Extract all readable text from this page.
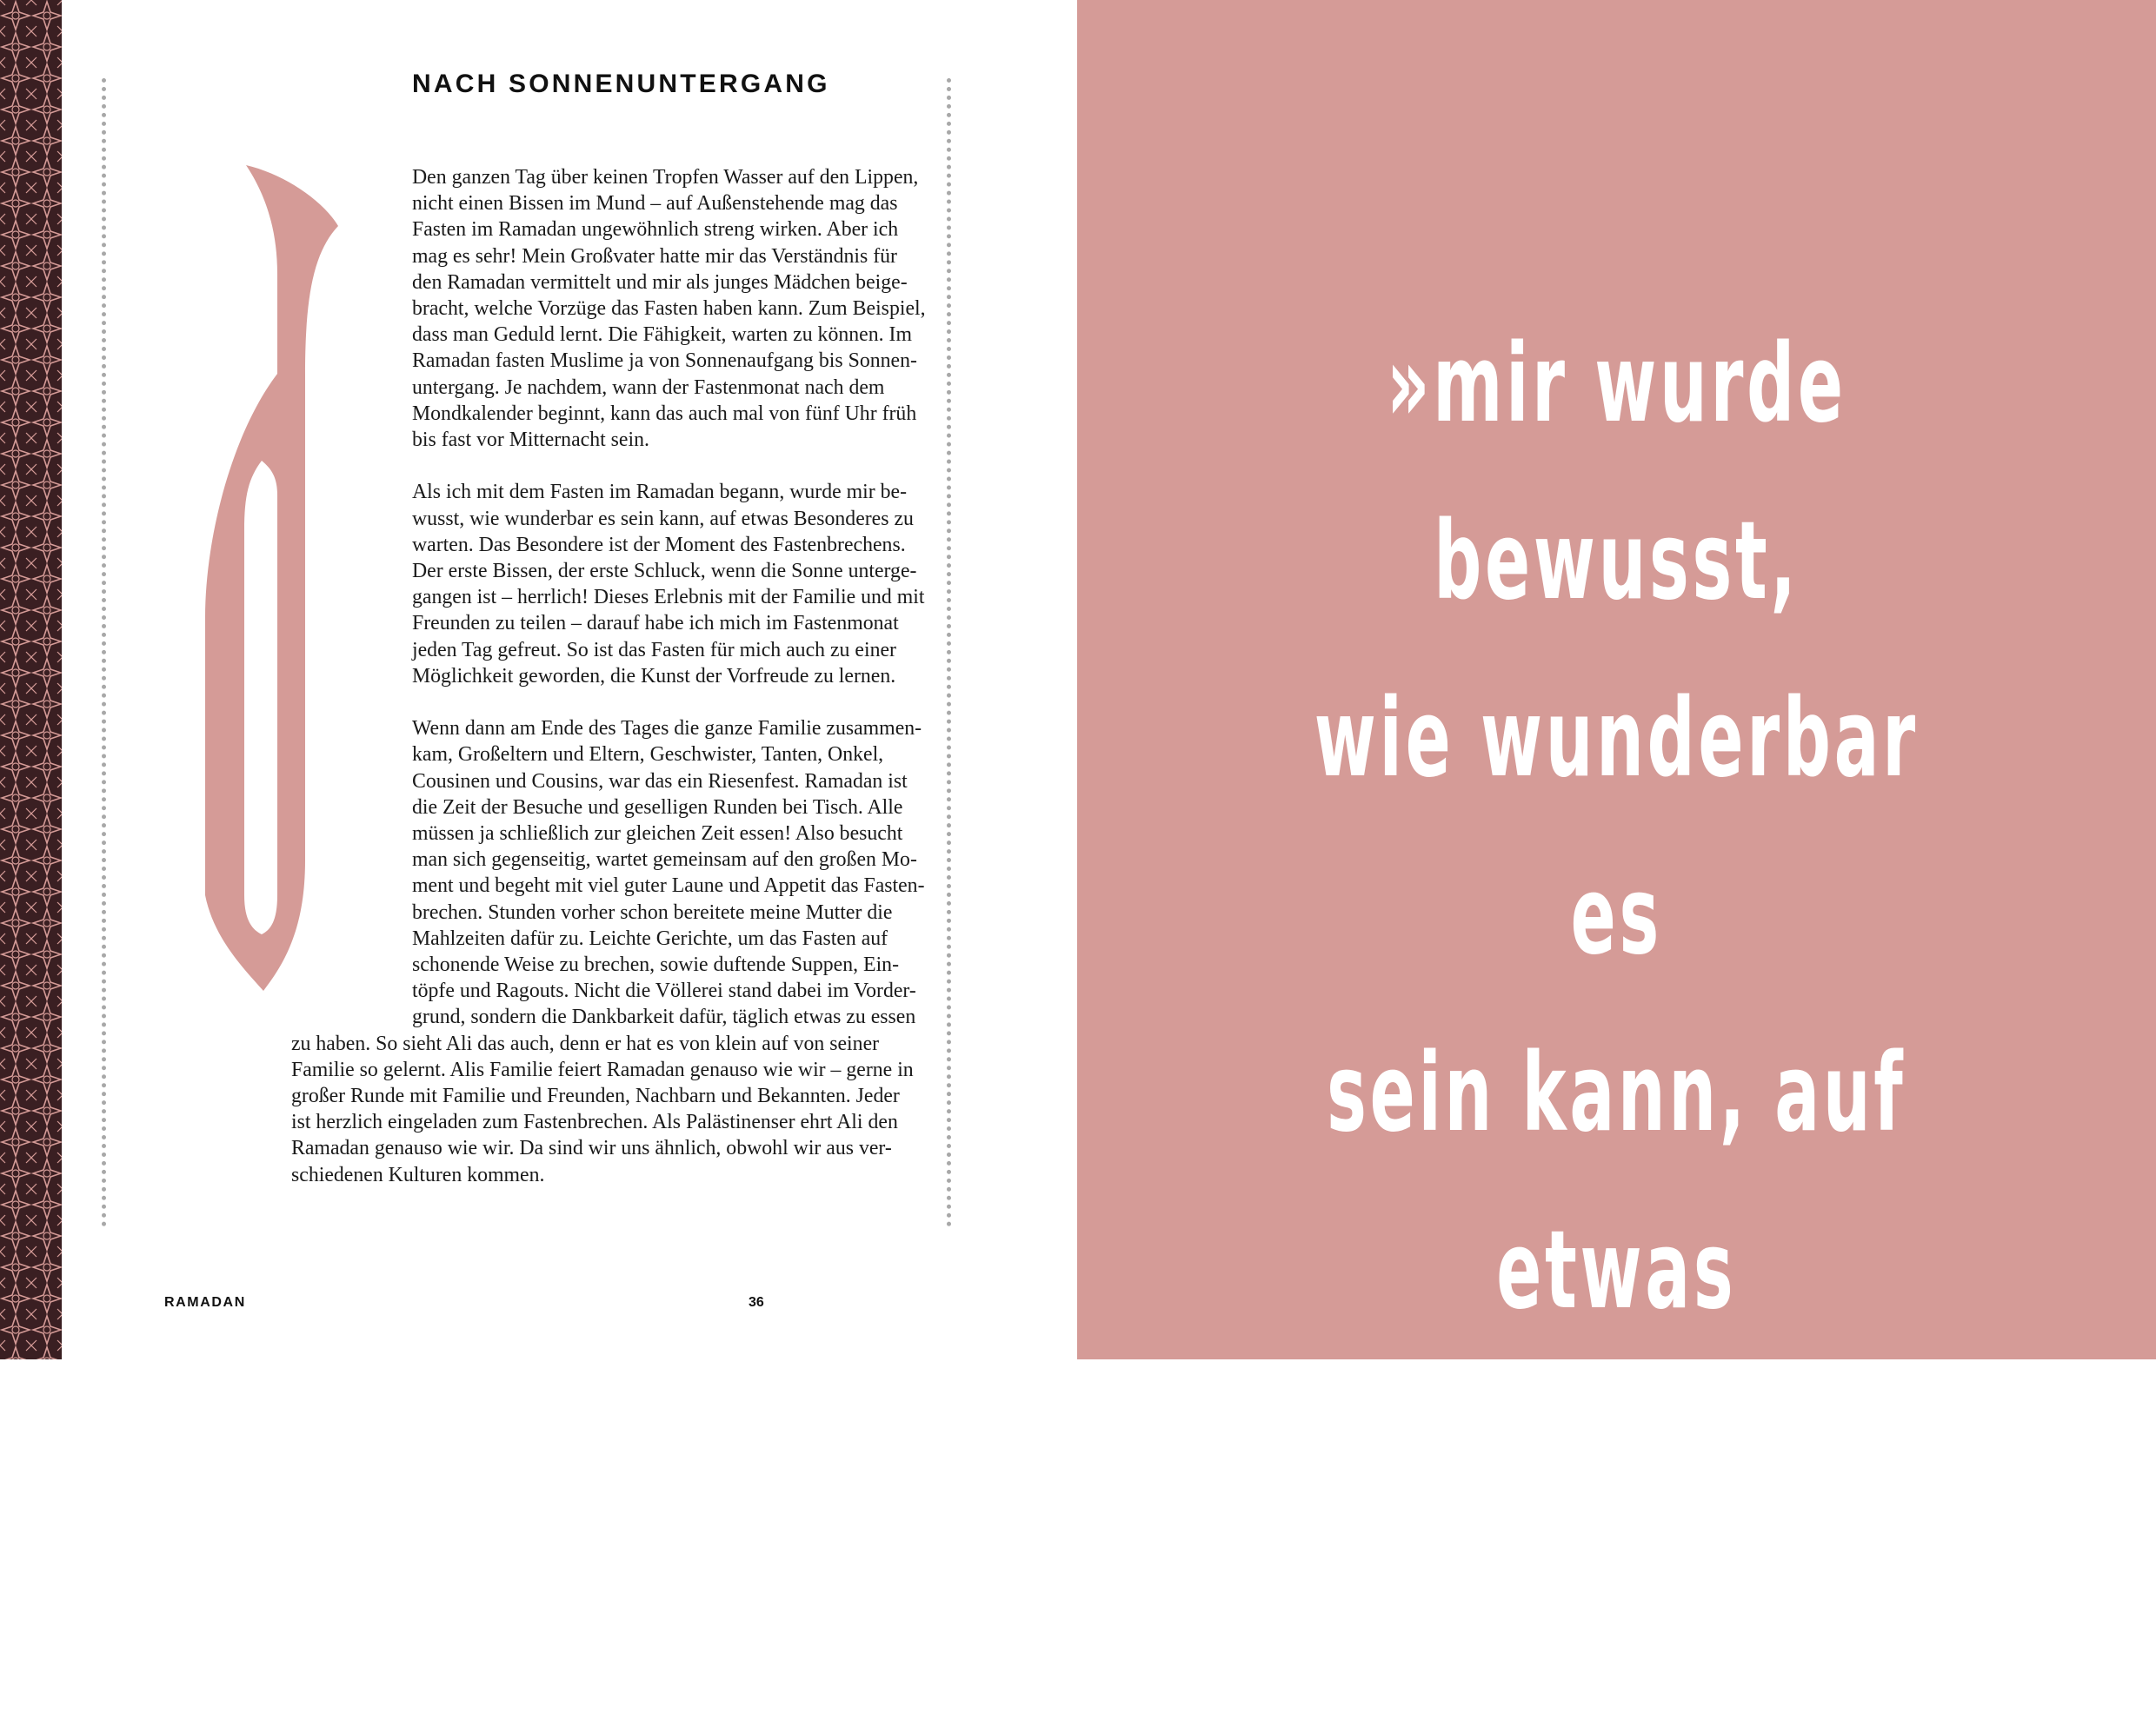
NACH SONNENUNTERGANG

Den ganzen Tag über keinen Tropfen Wasser auf den Lippen,
nicht einen Bissen im Mund – auf Außenstehende mag das
Fasten im Ramadan ungewöhnlich streng wirken. Aber ich
mag es sehr! Mein Großvater hatte mir das Verständnis für
den Ramadan vermittelt und mir als junges Mädchen beige-
bracht, welche Vorzüge das Fasten haben kann. Zum Beispiel,
dass man Geduld lernt. Die Fähigkeit, warten zu können. Im
Ramadan fasten Muslime ja von Sonnenaufgang bis Sonnen-
untergang. Je nachdem, wann der Fastenmonat nach dem
Mondkalender beginnt, kann das auch mal von fünf Uhr früh
bis fast vor Mitternacht sein.

Als ich mit dem Fasten im Ramadan begann, wurde mir be-
wusst, wie wunderbar es sein kann, auf etwas Besonderes zu
warten. Das Besondere ist der Moment des Fastenbrechens.
Der erste Bissen, der erste Schluck, wenn die Sonne unterge-
gangen ist – herrlich! Dieses Erlebnis mit der Familie und mit
Freunden zu teilen – darauf habe ich mich im Fastenmonat
jeden Tag gefreut. So ist das Fasten für mich auch zu einer
Möglichkeit geworden, die Kunst der Vorfreude zu lernen.

Wenn dann am Ende des Tages die ganze Familie zusammen-
kam, Großeltern und Eltern, Geschwister, Tanten, Onkel,
Cousinen und Cousins, war das ein Riesenfest. Ramadan ist
die Zeit der Besuche und geselligen Runden bei Tisch. Alle
müssen ja schließlich zur gleichen Zeit essen! Also besucht
man sich gegenseitig, wartet gemeinsam auf den großen Mo-
ment und begeht mit viel guter Laune und Appetit das Fasten-
brechen. Stunden vorher schon bereitete meine Mutter die
Mahlzeiten dafür zu. Leichte Gerichte, um das Fasten auf
schonende Weise zu brechen, sowie duftende Suppen, Ein-
töpfe und Ragouts. Nicht die Völlerei stand dabei im Vorder-
grund, sondern die Dankbarkeit dafür, täglich etwas zu essen
zu haben. So sieht Ali das auch, denn er hat es von klein auf von seiner
Familie so gelernt. Alis Familie feiert Ramadan genauso wie wir – gerne in
großer Runde mit Familie und Freunden, Nachbarn und Bekannten. Jeder
ist herzlich eingeladen zum Fastenbrechen. Als Palästinenser ehrt Ali den
Ramadan genauso wie wir. Da sind wir uns ähnlich, obwohl wir aus ver-
schiedenen Kulturen kommen.
RAMADAN	36
»mir wurde bewusst,
wie wunderbar es
sein kann, auf etwas
besonderes zu warten.«
